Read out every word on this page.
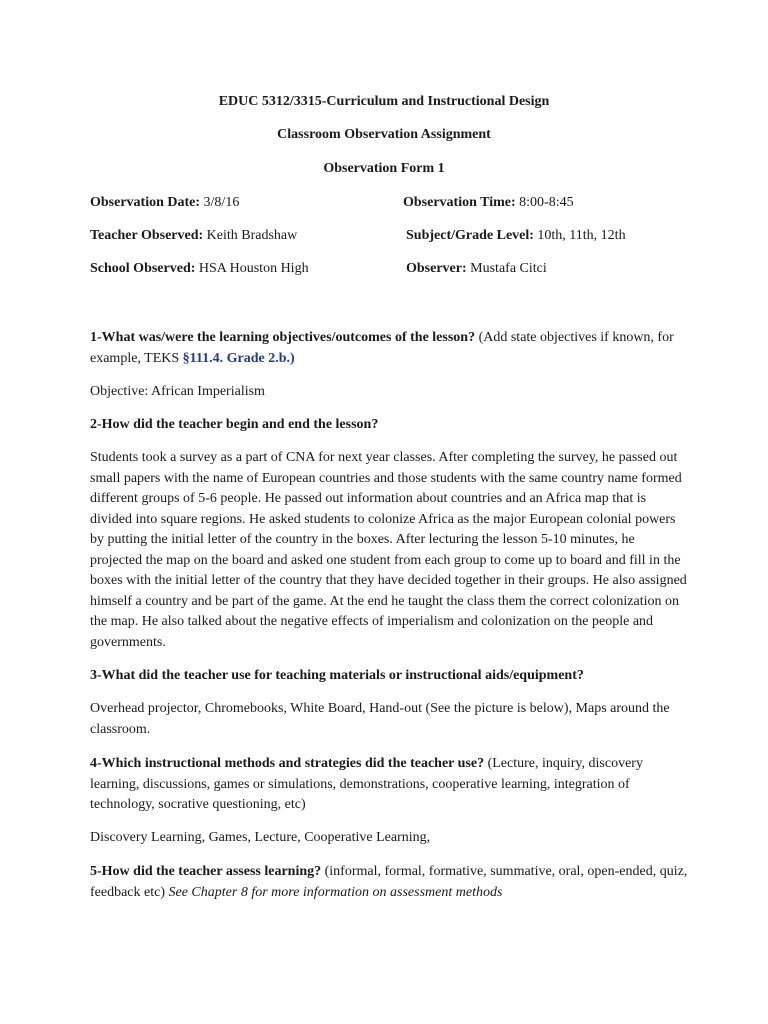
EDUC 5312/3315-Curriculum and Instructional Design
Classroom Observation Assignment
Observation Form 1
Observation Date: 3/8/16	Observation Time: 8:00-8:45
Teacher Observed: Keith Bradshaw	Subject/Grade Level: 10th, 11th, 12th
School Observed: HSA Houston High	Observer: Mustafa Citci
1-What was/were the learning objectives/outcomes of the lesson? (Add state objectives if known, for example, TEKS §111.4. Grade 2.b.)
Objective: African Imperialism
2-How did the teacher begin and end the lesson?
Students took a survey as a part of CNA for next year classes. After completing the survey, he passed out small papers with the name of European countries and those students with the same country name formed different groups of 5-6 people. He passed out information about countries and an Africa map that is divided into square regions. He asked students to colonize Africa as the major European colonial powers by putting the initial letter of the country in the boxes. After lecturing the lesson 5-10 minutes, he projected the map on the board and asked one student from each group to come up to board and fill in the boxes with the initial letter of the country that they have decided together in their groups. He also assigned himself a country and be part of the game. At the end he taught the class them the correct colonization on the map. He also talked about the negative effects of imperialism and colonization on the people and governments.
3-What did the teacher use for teaching materials or instructional aids/equipment?
Overhead projector, Chromebooks, White Board, Hand-out (See the picture is below), Maps around the classroom.
4-Which instructional methods and strategies did the teacher use? (Lecture, inquiry, discovery learning, discussions, games or simulations, demonstrations, cooperative learning, integration of technology, socrative questioning, etc)
Discovery Learning, Games, Lecture, Cooperative Learning,
5-How did the teacher assess learning? (informal, formal, formative, summative, oral, open-ended, quiz, feedback etc) See Chapter 8 for more information on assessment methods
